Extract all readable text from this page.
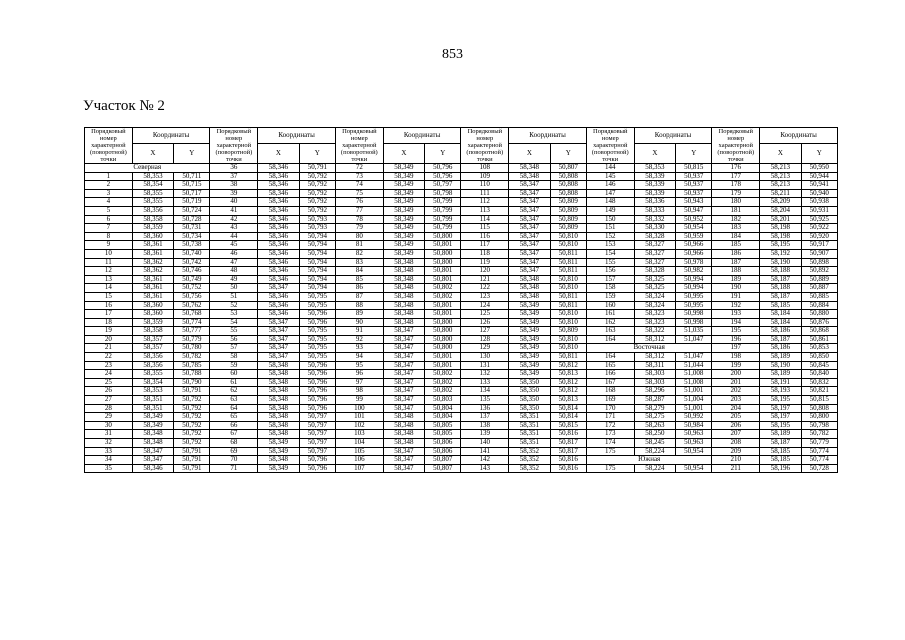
853
Участок № 2
Порядковый номер характерной (поворотной) точки	Координаты		Порядковый номер характерной (поворотной) точки	Координаты		Порядковый номер характерной (поворотной) точки	Координаты		Порядковый номер характерной (поворотной) точки	Координаты		Порядковый номер характерной (поворотной) точки	Координаты		Порядковый номер характерной (поворотной) точки	Координаты	
	X	Y		X	Y		X	Y		X	Y		X	Y		X	Y
Северная			36	58,346	50,791	72	58,349	50,796	108	58,348	50,807	144	58,353	50,815	176	58,213	50,950
1	58,353	50,711	37	58,346	50,792	73	58,349	50,796	109	58,348	50,808	145	58,339	50,937	177	58,213	50,944
2	58,354	50,715	38	58,346	50,792	74	58,349	50,797	110	58,347	50,808	146	58,339	50,937	178	58,213	50,941
3	58,355	50,717	39	58,346	50,792	75	58,349	50,798	111	58,347	50,808	147	58,339	50,937	179	58,211	50,940
4	58,355	50,719	40	58,346	50,792	76	58,349	50,799	112	58,347	50,809	148	58,336	50,943	180	58,209	50,938
5	58,356	50,724	41	58,346	50,792	77	58,349	50,799	113	58,347	50,809	149	58,333	50,947	181	58,204	50,931
6	58,358	50,728	42	58,346	50,793	78	58,349	50,799	114	58,347	50,809	150	58,332	50,952	182	58,201	50,925
7	58,359	50,731	43	58,346	50,793	79	58,349	50,799	115	58,347	50,809	151	58,330	50,954	183	58,198	50,922
8	58,360	50,734	44	58,346	50,794	80	58,349	50,800	116	58,347	50,810	152	58,328	50,959	184	58,198	50,920
9	58,361	50,738	45	58,346	50,794	81	58,349	50,801	117	58,347	50,810	153	58,327	50,966	185	58,195	50,917
10	58,361	50,740	46	58,346	50,794	82	58,349	50,800	118	58,347	50,811	154	58,327	50,966	186	58,192	50,907
11	58,362	50,742	47	58,346	50,794	83	58,348	50,800	119	58,347	50,811	155	58,327	50,978	187	58,190	50,898
12	58,362	50,746	48	58,346	50,794	84	58,348	50,801	120	58,347	50,811	156	58,328	50,982	188	58,188	50,892
13	58,361	50,749	49	58,346	50,794	85	58,348	50,801	121	58,348	50,810	157	58,325	50,994	189	58,187	50,889
14	58,361	50,752	50	58,347	50,794	86	58,348	50,802	122	58,348	50,810	158	58,325	50,994	190	58,188	50,887
15	58,361	50,756	51	58,346	50,795	87	58,348	50,802	123	58,348	50,811	159	58,324	50,995	191	58,187	50,885
16	58,360	50,762	52	58,346	50,795	88	58,348	50,801	124	58,349	50,811	160	58,324	50,995	192	58,185	50,884
17	58,360	50,768	53	58,346	50,796	89	58,348	50,801	125	58,349	50,810	161	58,323	50,998	193	58,184	50,880
18	58,359	50,774	54	58,347	50,796	90	58,348	50,800	126	58,349	50,810	162	58,323	50,998	194	58,184	50,876
19	58,358	50,777	55	58,347	50,795	91	58,347	50,800	127	58,349	50,809	163	58,322	51,035	195	58,186	50,868
20	58,357	50,779	56	58,347	50,795	92	58,347	50,800	128	58,349	50,810	164	58,312	51,047	196	58,187	50,861
21	58,357	50,780	57	58,347	50,795	93	58,347	50,800	129	58,349	50,810	Восточная			197	58,186	50,853
22	58,356	50,782	58	58,347	50,795	94	58,347	50,801	130	58,349	50,811	164	58,312	51,047	198	58,189	50,850
23	58,356	50,785	59	58,348	50,796	95	58,347	50,801	131	58,349	50,812	165	58,311	51,044	199	58,190	50,845
24	58,355	50,788	60	58,348	50,796	96	58,347	50,802	132	58,349	50,813	166	58,303	51,008	200	58,189	50,840
25	58,354	50,790	61	58,348	50,796	97	58,347	50,802	133	58,350	50,812	167	58,303	51,008	201	58,191	50,832
26	58,353	50,791	62	58,348	50,796	98	58,347	50,802	134	58,350	50,812	168	58,296	51,001	202	58,193	50,821
27	58,351	50,792	63	58,348	50,796	99	58,347	50,803	135	58,350	50,813	169	58,287	51,004	203	58,195	50,815
28	58,351	50,792	64	58,348	50,796	100	58,347	50,804	136	58,350	50,814	170	58,279	51,001	204	58,197	50,808
29	58,349	50,792	65	58,348	50,797	101	58,348	50,804	137	58,351	50,814	171	58,275	50,992	205	58,197	50,800
30	58,349	50,792	66	58,348	50,797	102	58,348	50,805	138	58,351	50,815	172	58,263	50,984	206	58,195	50,798
31	58,348	50,792	67	58,348	50,797	103	58,348	50,805	139	58,351	50,816	173	58,250	50,963	207	58,189	50,782
32	58,348	50,792	68	58,349	50,797	104	58,348	50,806	140	58,351	50,817	174	58,245	50,963	208	58,187	50,779
33	58,347	50,791	69	58,349	50,797	105	58,347	50,806	141	58,352	50,817	175	58,224	50,954	209	58,185	50,774
34	58,347	50,791	70	58,348	50,796	106	58,347	50,807	142	58,352	50,816	Южная			210	58,185	50,774
35	58,346	50,791	71	58,349	50,796	107	58,347	50,807	143	58,352	50,816	175	58,224	50,954	211	58,196	50,728
